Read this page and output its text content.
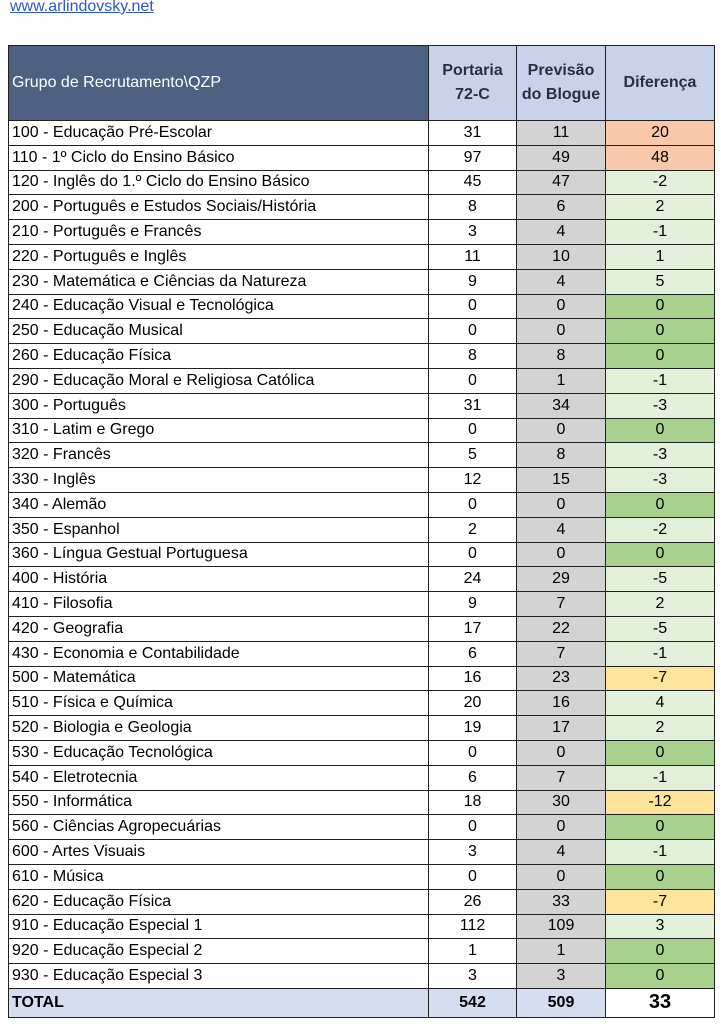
www.arlindovsky.net
Grupo de Recrutamento\QZP	Portaria 72-C	Previsão do Blogue	Diferença
100 - Educação Pré-Escolar	31	11	20
110 - 1º Ciclo do Ensino Básico	97	49	48
120 - Inglês do 1.º Ciclo do Ensino Básico	45	47	-2
200 - Português e Estudos Sociais/História	8	6	2
210 - Português e Francês	3	4	-1
220 - Português e Inglês	11	10	1
230 - Matemática e Ciências da Natureza	9	4	5
240 - Educação Visual e Tecnológica	0	0	0
250 - Educação Musical	0	0	0
260 - Educação Física	8	8	0
290 - Educação Moral e Religiosa Católica	0	1	-1
300 - Português	31	34	-3
310 - Latim e Grego	0	0	0
320 - Francês	5	8	-3
330 - Inglês	12	15	-3
340 - Alemão	0	0	0
350 - Espanhol	2	4	-2
360 - Língua Gestual Portuguesa	0	0	0
400 - História	24	29	-5
410 - Filosofia	9	7	2
420 - Geografia	17	22	-5
430 - Economia e Contabilidade	6	7	-1
500 - Matemática	16	23	-7
510 - Física e Química	20	16	4
520 - Biologia e Geologia	19	17	2
530 - Educação Tecnológica	0	0	0
540 - Eletrotecnia	6	7	-1
550 - Informática	18	30	-12
560 - Ciências Agropecuárias	0	0	0
600 - Artes Visuais	3	4	-1
610 - Música	0	0	0
620 - Educação Física	26	33	-7
910 - Educação Especial 1	112	109	3
920 - Educação Especial 2	1	1	0
930 - Educação Especial 3	3	3	0
TOTAL	542	509	33
